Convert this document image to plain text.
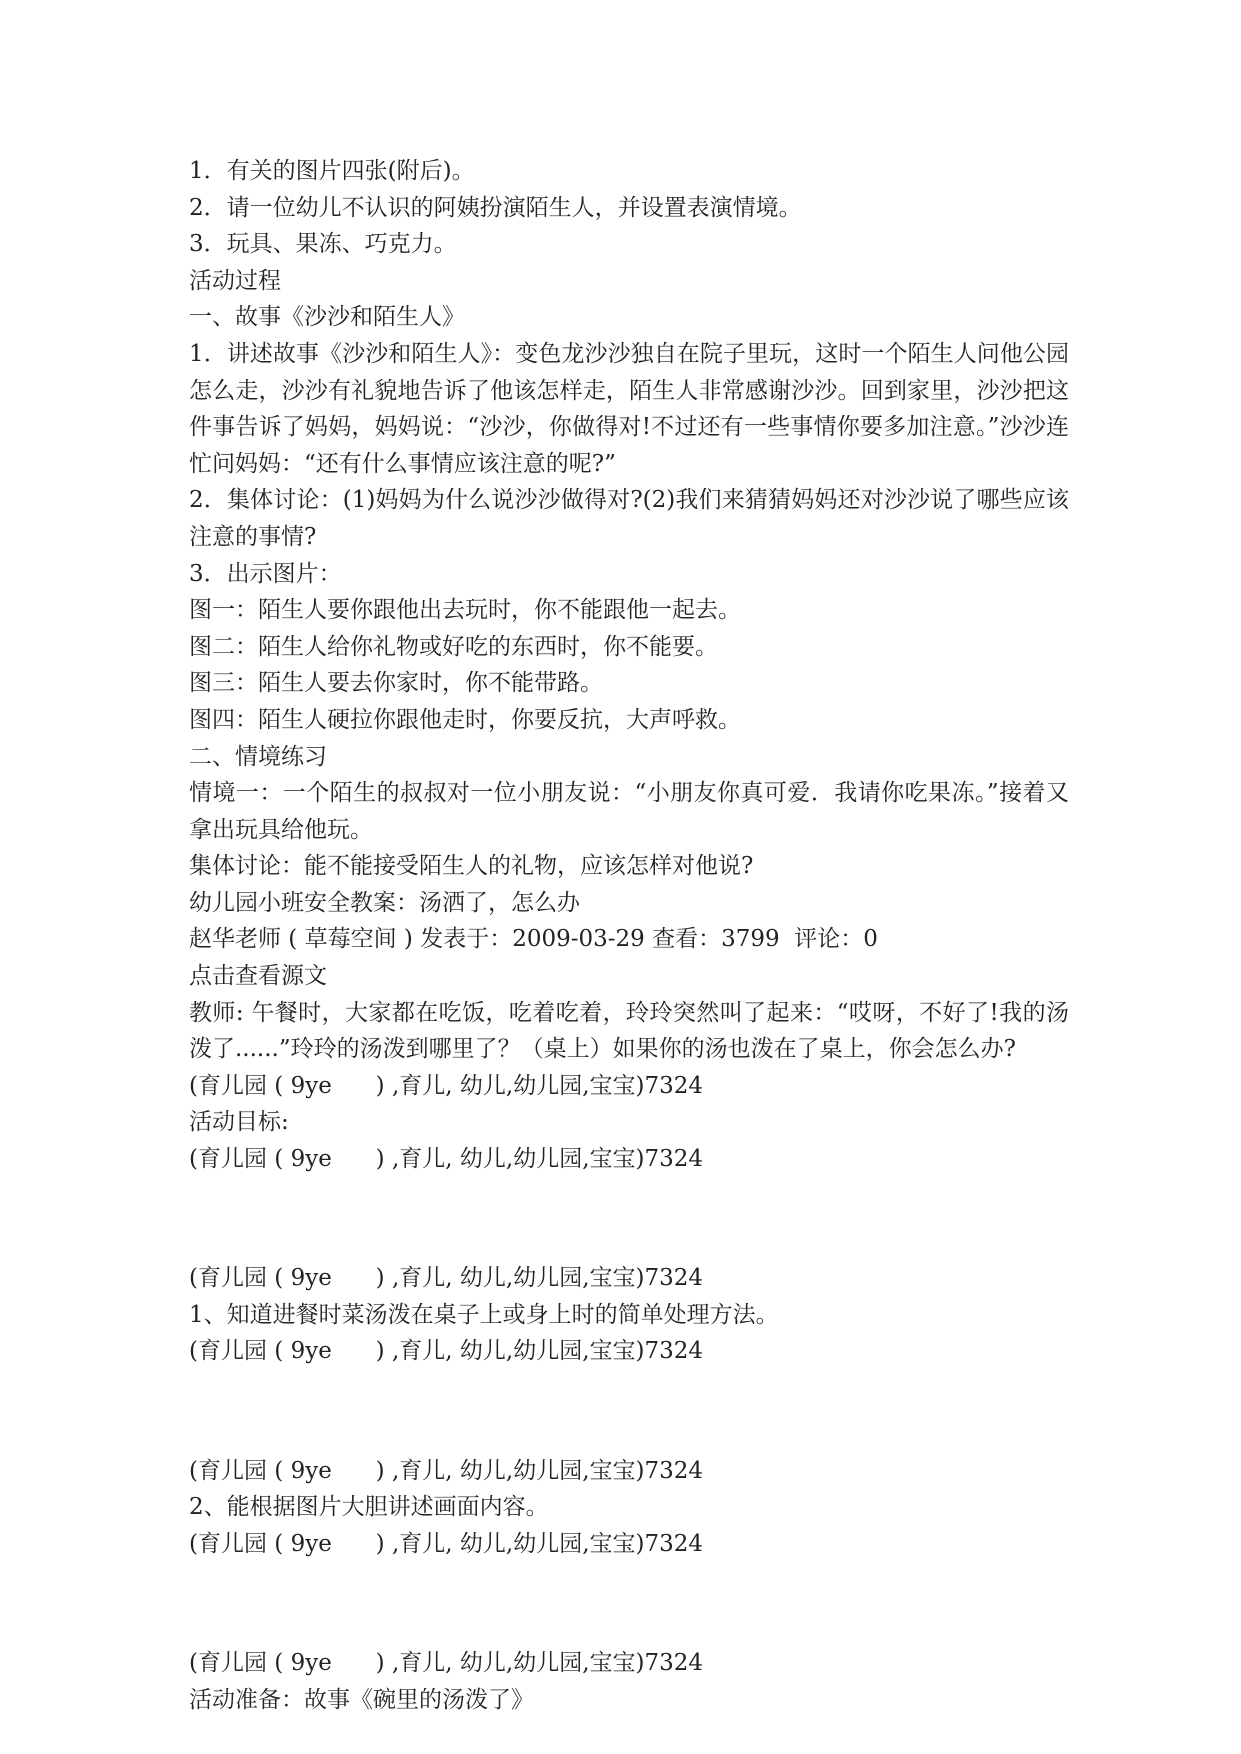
1．有关的图片四张(附后)。

2．请一位幼儿不认识的阿姨扮演陌生人，并设置表演情境。

3．玩具、果冻、巧克力。

活动过程

一、故事《沙沙和陌生人》

1．讲述故事《沙沙和陌生人》：变色龙沙沙独自在院子里玩，这时一个陌生人问他公园怎么走，沙沙有礼貌地告诉了他该怎样走，陌生人非常感谢沙沙。回到家里，沙沙把这件事告诉了妈妈，妈妈说：“沙沙，你做得对!不过还有一些事情你要多加注意。”沙沙连忙问妈妈：“还有什么事情应该注意的呢?”

2．集体讨论：(1)妈妈为什么说沙沙做得对?(2)我们来猜猜妈妈还对沙沙说了哪些应该注意的事情?

3．出示图片：

图一：陌生人要你跟他出去玩时，你不能跟他一起去。

图二：陌生人给你礼物或好吃的东西时，你不能要。

图三：陌生人要去你家时，你不能带路。

图四：陌生人硬拉你跟他走时，你要反抗，大声呼救。

二、情境练习

情境一：一个陌生的叔叔对一位小朋友说：“小朋友你真可爱．我请你吃果冻。”接着又拿出玩具给他玩。

集体讨论：能不能接受陌生人的礼物，应该怎样对他说?

幼儿园小班安全教案：汤洒了，怎么办

赵华老师 ( 草莓空间 ) 发表于：2009-03-29 查看：3799  评论：0

点击查看源文

教师: 午餐时，大家都在吃饭，吃着吃着，玲玲突然叫了起来：“哎呀，不好了!我的汤泼了......”玲玲的汤泼到哪里了？（桌上）如果你的汤也泼在了桌上，你会怎么办?

(育儿园 ( 9ye      ) ,育儿, 幼儿,幼儿园,宝宝)7324

活动目标:

(育儿园 ( 9ye      ) ,育儿, 幼儿,幼儿园,宝宝)7324

(育儿园 ( 9ye      ) ,育儿, 幼儿,幼儿园,宝宝)7324

1、知道进餐时菜汤泼在桌子上或身上时的简单处理方法。

(育儿园 ( 9ye      ) ,育儿, 幼儿,幼儿园,宝宝)7324

(育儿园 ( 9ye      ) ,育儿, 幼儿,幼儿园,宝宝)7324

2、能根据图片大胆讲述画面内容。

(育儿园 ( 9ye      ) ,育儿, 幼儿,幼儿园,宝宝)7324

(育儿园 ( 9ye      ) ,育儿, 幼儿,幼儿园,宝宝)7324

活动准备：故事《碗里的汤泼了》
